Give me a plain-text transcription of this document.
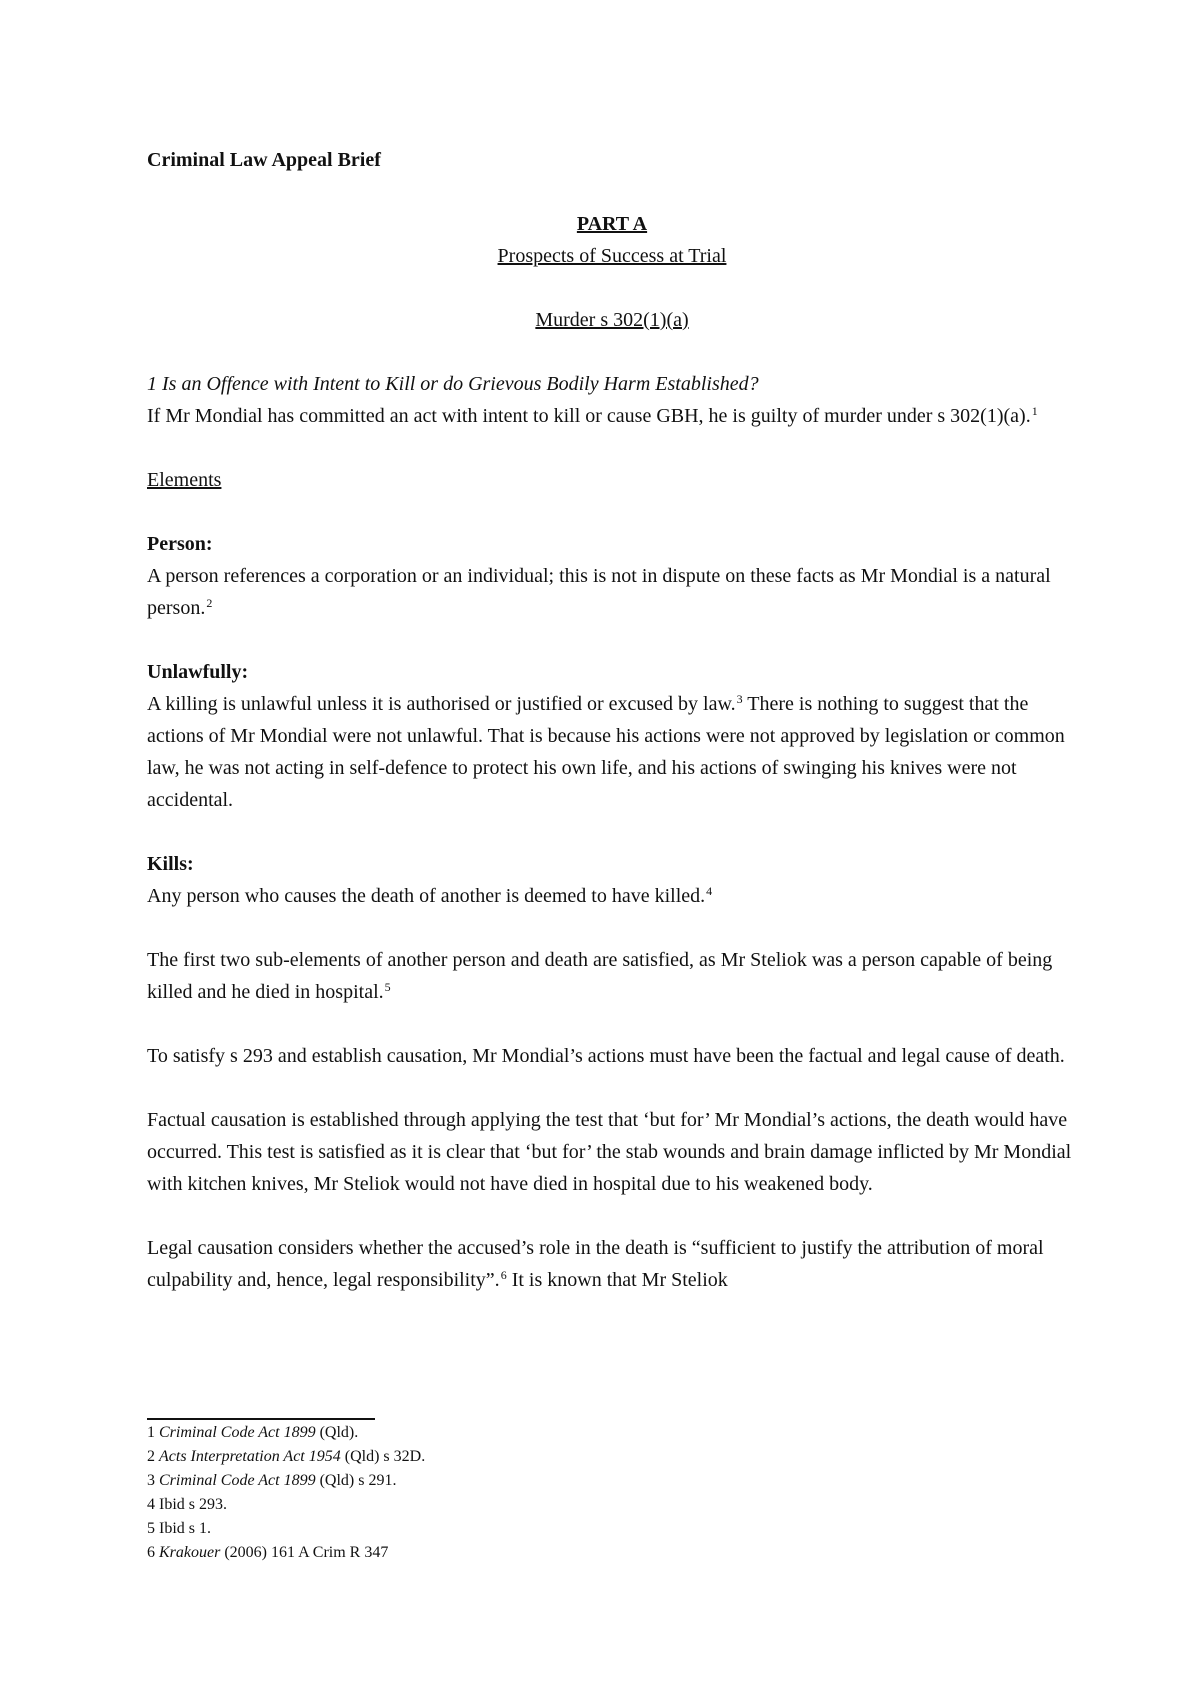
Criminal Law Appeal Brief

PART A

Prospects of Success at Trial

Murder s 302(1)(a)

1 Is an Offence with Intent to Kill or do Grievous Bodily Harm Established?

If Mr Mondial has committed an act with intent to kill or cause GBH, he is guilty of murder under s 302(1)(a).$^1$

Elements

Person:

A person references a corporation or an individual; this is not in dispute on these facts as Mr Mondial is a natural person.$^2$

Unlawfully:

A killing is unlawful unless it is authorised or justified or excused by law.$^3$ There is nothing to suggest that the actions of Mr Mondial were not unlawful. That is because his actions were not approved by legislation or common law, he was not acting in self-defence to protect his own life, and his actions of swinging his knives were not accidental.

Kills:

Any person who causes the death of another is deemed to have killed.$^4$

The first two sub-elements of another person and death are satisfied, as Mr Steliok was a person capable of being killed and he died in hospital.$^5$

To satisfy s 293 and establish causation, Mr Mondial’s actions must have been the factual and legal cause of death.

Factual causation is established through applying the test that ‘but for’ Mr Mondial’s actions, the death would have occurred. This test is satisfied as it is clear that ‘but for’ the stab wounds and brain damage inflicted by Mr Mondial with kitchen knives, Mr Steliok would not have died in hospital due to his weakened body.

Legal causation considers whether the accused’s role in the death is “sufficient to justify the attribution of moral culpability and, hence, legal responsibility”.$^6$ It is known that Mr Steliok

1 Criminal Code Act 1899 (Qld).
2 Acts Interpretation Act 1954 (Qld) s 32D.
3 Criminal Code Act 1899 (Qld) s 291.
4 Ibid s 293.
5 Ibid s 1.
6 Krakouer (2006) 161 A Crim R 347
